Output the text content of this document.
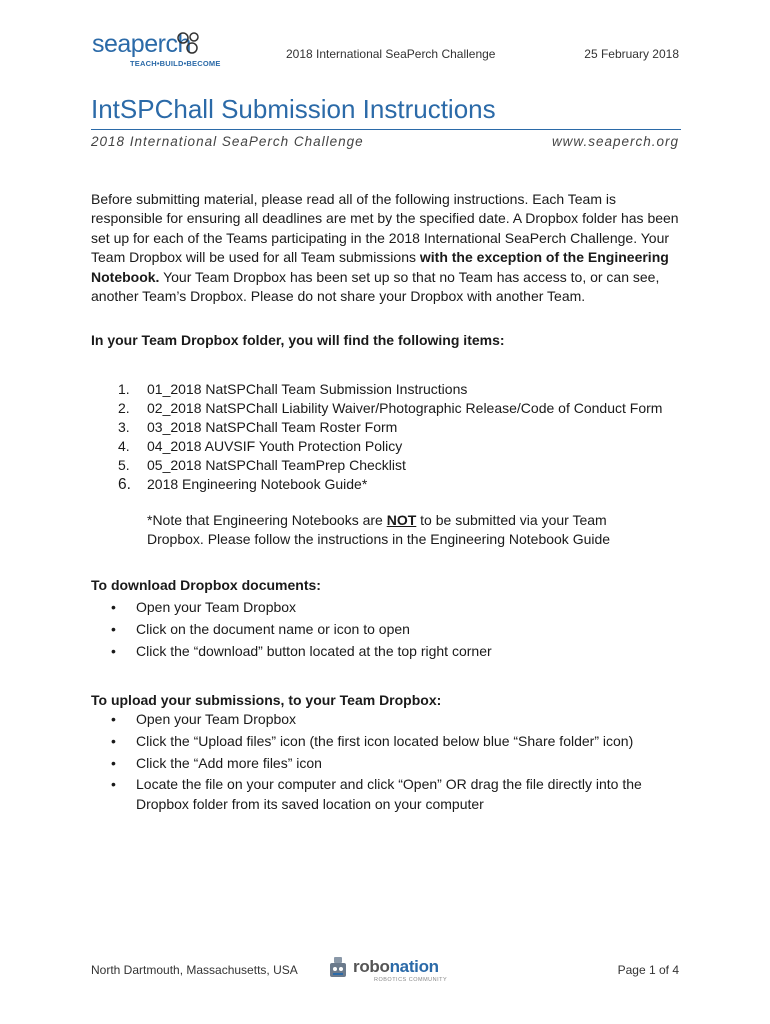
seaperch
TEACH•BUILD•BECOME
2018 International SeaPerch Challenge	25 February 2018
IntSPChall Submission Instructions
2018 International SeaPerch Challenge	www.seaperch.org
Before submitting material, please read all of the following instructions. Each Team is responsible for ensuring all deadlines are met by the specified date. A Dropbox folder has been set up for each of the Teams participating in the 2018 International SeaPerch Challenge. Your Team Dropbox will be used for all Team submissions with the exception of the Engineering Notebook. Your Team Dropbox has been set up so that no Team has access to, or can see, another Team’s Dropbox. Please do not share your Dropbox with another Team.
In your Team Dropbox folder, you will find the following items:
1.	01_2018 NatSPChall Team Submission Instructions
2.	02_2018 NatSPChall Liability Waiver/Photographic Release/Code of Conduct Form
3.	03_2018 NatSPChall Team Roster Form
4.	04_2018 AUVSIF Youth Protection Policy
5.	05_2018 NatSPChall TeamPrep Checklist
6.	2018 Engineering Notebook Guide*
*Note that Engineering Notebooks are NOT to be submitted via your Team Dropbox. Please follow the instructions in the Engineering Notebook Guide
To download Dropbox documents:
•	Open your Team Dropbox
•	Click on the document name or icon to open
•	Click the “download” button located at the top right corner
To upload your submissions, to your Team Dropbox:
•	Open your Team Dropbox
•	Click the “Upload files” icon (the first icon located below blue “Share folder” icon)
•	Click the “Add more files” icon
•	Locate the file on your computer and click “Open” OR drag the file directly into the Dropbox folder from its saved location on your computer
North Dartmouth, Massachusetts, USA	robonation
ROBOTICS COMMUNITY
Page 1 of 4
